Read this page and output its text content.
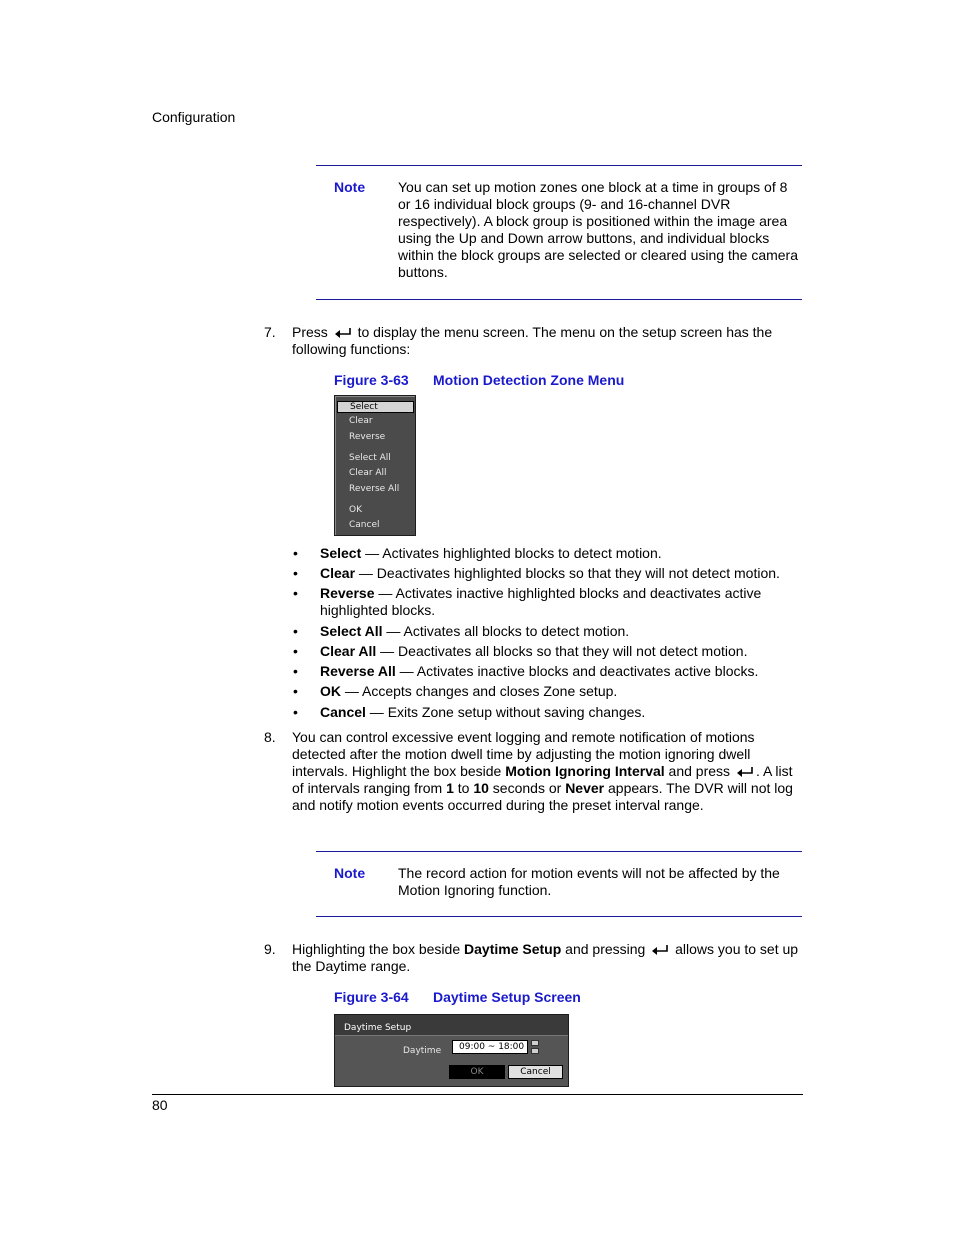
Configuration
Note You can set up motion zones one block at a time in groups of 8 or 16 individual block groups (9- and 16-channel DVR respectively). A block group is positioned within the image area using the Up and Down arrow buttons, and individual blocks within the block groups are selected or cleared using the camera buttons.
7. Press to display the menu screen. The menu on the setup screen has the following functions:
Figure 3-63 Motion Detection Zone Menu
Select
Clear
Reverse
Select All
Clear All
Reverse All
OK
Cancel
• Select — Activates highlighted blocks to detect motion.
• Clear — Deactivates highlighted blocks so that they will not detect motion.
• Reverse — Activates inactive highlighted blocks and deactivates active highlighted blocks.
• Select All — Activates all blocks to detect motion.
• Clear All — Deactivates all blocks so that they will not detect motion.
• Reverse All — Activates inactive blocks and deactivates active blocks.
• OK — Accepts changes and closes Zone setup.
• Cancel — Exits Zone setup without saving changes.
8. You can control excessive event logging and remote notification of motions detected after the motion dwell time by adjusting the motion ignoring dwell intervals. Highlight the box beside Motion Ignoring Interval and press . A list of intervals ranging from 1 to 10 seconds or Never appears. The DVR will not log and notify motion events occurred during the preset interval range.
Note The record action for motion events will not be affected by the Motion Ignoring function.
9. Highlighting the box beside Daytime Setup and pressing  allows you to set up the Daytime range.
Figure 3-64 Daytime Setup Screen
Daytime Setup
Daytime	09:00 ~ 18:00
OK	Cancel
80
